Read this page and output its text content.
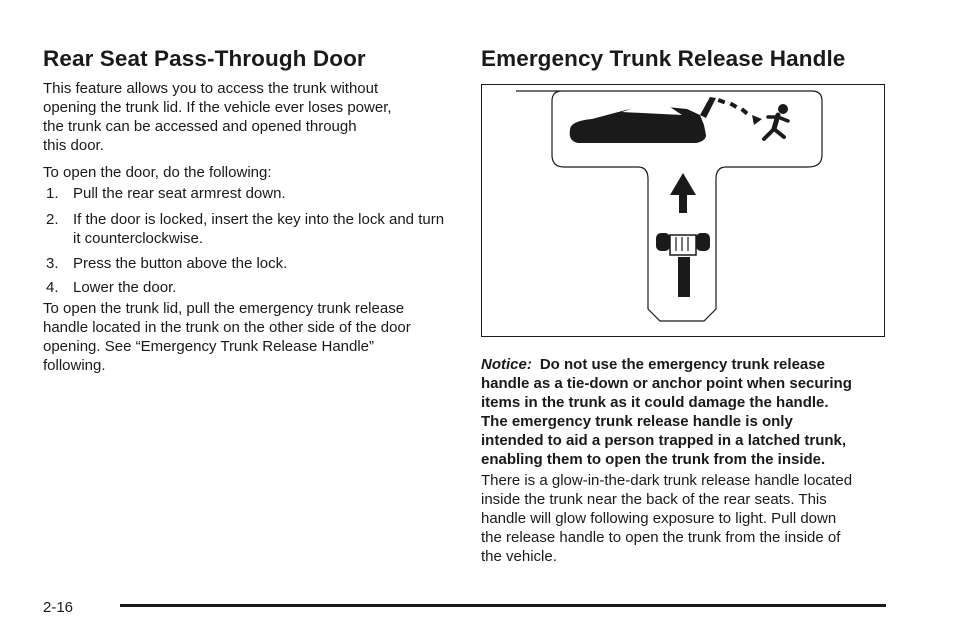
Rear Seat Pass-Through Door

This feature allows you to access the trunk without
opening the trunk lid. If the vehicle ever loses power,
the trunk can be accessed and opened through
this door.

To open the door, do the following:

1. Pull the rear seat armrest down.
2. If the door is locked, insert the key into the lock and turn it counterclockwise.
3. Press the button above the lock.
4. Lower the door.

To open the trunk lid, pull the emergency trunk release
handle located in the trunk on the other side of the door
opening. See “Emergency Trunk Release Handle”
following.

Emergency Trunk Release Handle
Notice: Do not use the emergency trunk release
handle as a tie-down or anchor point when securing
items in the trunk as it could damage the handle.
The emergency trunk release handle is only
intended to aid a person trapped in a latched trunk,
enabling them to open the trunk from the inside.

There is a glow-in-the-dark trunk release handle located
inside the trunk near the back of the rear seats. This
handle will glow following exposure to light. Pull down
the release handle to open the trunk from the inside of
the vehicle.

2-16
